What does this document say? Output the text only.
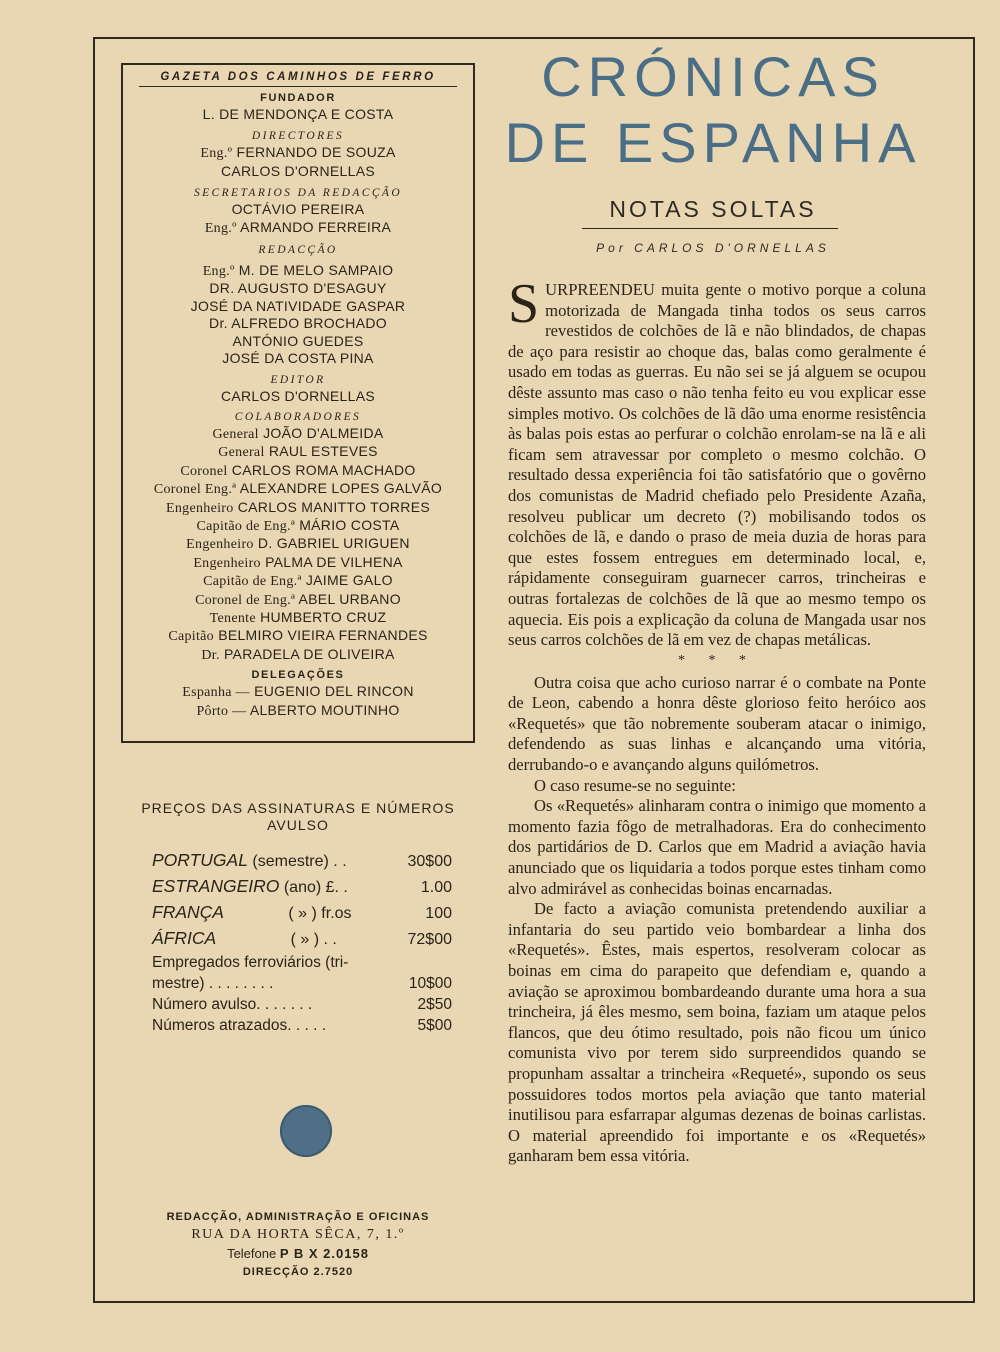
GAZETA DOS CAMINHOS DE FERRO
FUNDADOR
L. DE MENDONÇA E COSTA
DIRECTORES
Eng.º FERNANDO DE SOUZA
CARLOS D'ORNELLAS
SECRETARIOS DA REDACÇÃO
OCTÁVIO PEREIRA
Eng.º ARMANDO FERREIRA
REDACÇÃO
Eng.º M. DE MELO SAMPAIO
DR. AUGUSTO D'ESAGUY
JOSÉ DA NATIVIDADE GASPAR
Dr. ALFREDO BROCHADO
ANTÓNIO GUEDES
JOSÉ DA COSTA PINA
EDITOR
CARLOS D'ORNELLAS
COLABORADORES
General JOÃO D'ALMEIDA
General RAUL ESTEVES
Coronel CARLOS ROMA MACHADO
Coronel Eng.ª ALEXANDRE LOPES GALVÃO
Engenheiro CARLOS MANITTO TORRES
Capitão de Eng.ª MÁRIO COSTA
Engenheiro D. GABRIEL URIGUEN
Engenheiro PALMA DE VILHENA
Capitão de Eng.ª JAIME GALO
Coronel de Eng.ª ABEL URBANO
Tenente HUMBERTO CRUZ
Capitão BELMIRO VIEIRA FERNANDES
Dr. PARADELA DE OLIVEIRA
DELEGAÇÕES
Espanha — EUGENIO DEL RINCON
Pôrto — ALBERTO MOUTINHO
PREÇOS DAS ASSINATURAS E NÚMEROS
AVULSO
PORTUGAL (semestre) . .	30$00
ESTRANGEIRO (ano) £. .	1.00
FRANÇA ( » ) fr.os	100
ÁFRICA ( » ) . .	72$00
Empregados ferroviários (tri-	
mestre) . . . . . . . .	10$00
Número avulso. . . . . . .	2$50
Números atrazados. . . . .	5$00
REDACÇÃO, ADMINISTRAÇÃO E OFICINAS
RUA DA HORTA SÊCA, 7, 1.º
Telefone P B X 2.0158
DIRECÇÃO 2.7520
CRÓNICAS
DE ESPANHA
NOTAS SOLTAS
Por CARLOS D'ORNELLAS

SURPREENDEU muita gente o motivo porque a coluna motorizada de Mangada tinha todos os seus carros revestidos de colchões de lã e não blindados, de chapas de aço para resistir ao choque das, balas como geralmente é usado em todas as guerras. Eu não sei se já alguem se ocupou dêste assunto mas caso o não tenha feito eu vou explicar esse simples motivo. Os colchões de lã dão uma enorme resistência às balas pois estas ao perfurar o colchão enrolam-se na lã e ali ficam sem atravessar por completo o mesmo colchão. O resultado dessa experiência foi tão satisfatório que o govêrno dos comunistas de Madrid chefiado pelo Presidente Azaña, resolveu publicar um decreto (?) mobilisando todos os colchões de lã, e dando o praso de meia duzia de horas para que estes fossem entregues em determinado local, e, rápidamente conseguiram guarnecer carros, trincheiras e outras fortalezas de colchões de lã que ao mesmo tempo os aquecia. Eis pois a explicação da coluna de Mangada usar nos seus carros colchões de lã em vez de chapas metálicas.

* * *

Outra coisa que acho curioso narrar é o combate na Ponte de Leon, cabendo a honra dêste glorioso feito heróico aos «Requetés» que tão nobremente souberam atacar o inimigo, defendendo as suas linhas e alcançando uma vitória, derrubando-o e avançando alguns quilómetros.

O caso resume-se no seguinte:

Os «Requetés» alinharam contra o inimigo que momento a momento fazia fôgo de metralhadoras. Era do conhecimento dos partidários de D. Carlos que em Madrid a aviação havia anunciado que os liquidaria a todos porque estes tinham como alvo admirável as conhecidas boinas encarnadas.

De facto a aviação comunista pretendendo auxiliar a infantaria do seu partido veio bombardear a linha dos «Requetés». Êstes, mais espertos, resolveram colocar as boinas em cima do parapeito que defendiam e, quando a aviação se aproximou bombardeando durante uma hora a sua trincheira, já êles mesmo, sem boina, faziam um ataque pelos flancos, que deu ótimo resultado, pois não ficou um único comunista vivo por terem sido surpreendidos quando se propunham assaltar a trincheira «Requeté», supondo os seus possuidores todos mortos pela aviação que tanto material inutilisou para esfarrapar algumas dezenas de boinas carlistas. O material apreendido foi importante e os «Requetés» ganharam bem essa vitória.
